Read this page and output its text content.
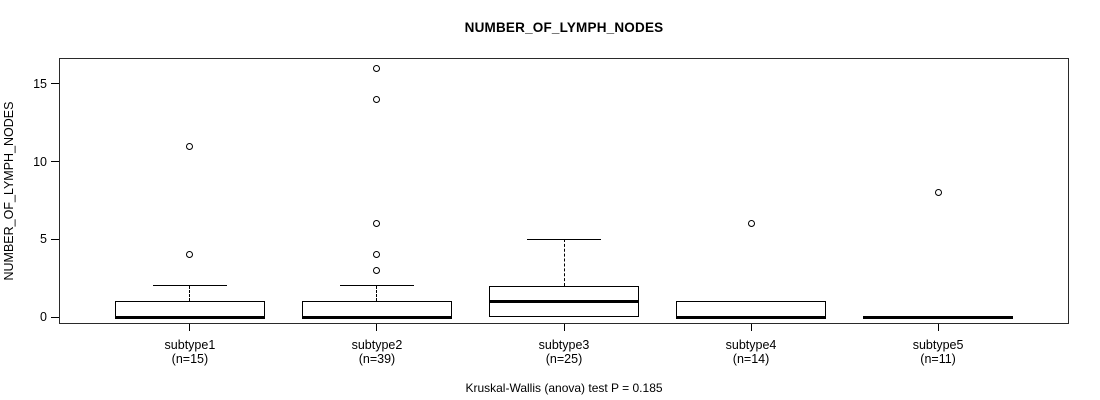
NUMBER_OF_LYMPH_NODES
NUMBER_OF_LYMPH_NODES
0
5
10
15
subtype1
(n=15)
subtype2
(n=39)
subtype3
(n=25)
subtype4
(n=14)
subtype5
(n=11)
Kruskal-Wallis (anova) test P = 0.185
